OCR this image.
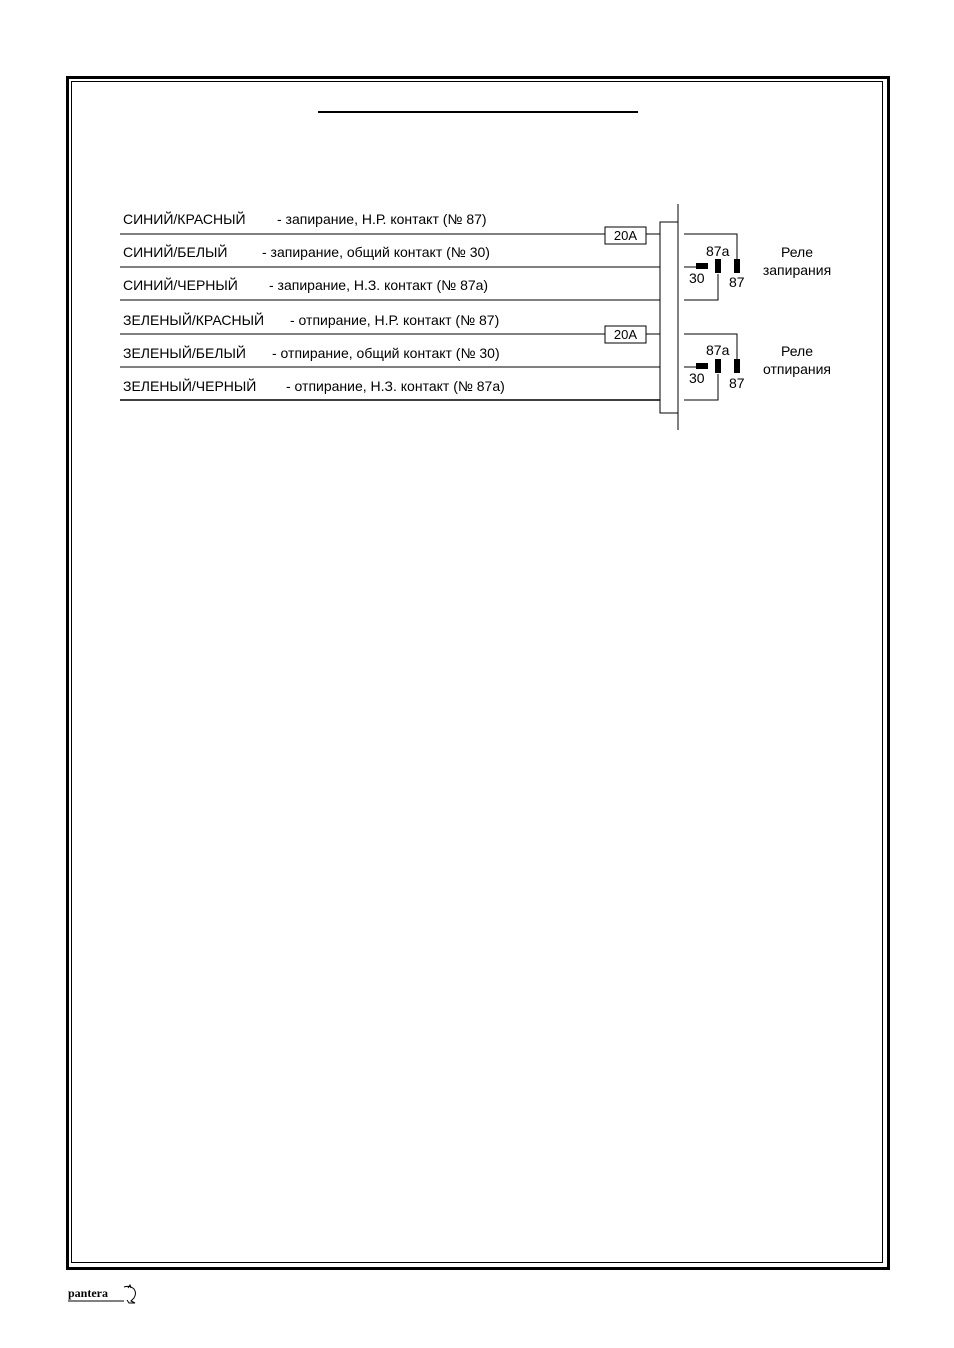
СИНИЙ/КРАСНЫЙ - запирание, Н.Р. контакт (№ 87)
СИНИЙ/БЕЛЫЙ - запирание, общий контакт (№ 30)
СИНИЙ/ЧЕРНЫЙ - запирание, Н.З. контакт (№ 87а)
ЗЕЛЕНЫЙ/КРАСНЫЙ - отпирание, Н.Р. контакт (№ 87)
ЗЕЛЕНЫЙ/БЕЛЫЙ - отпирание, общий контакт (№ 30)
ЗЕЛЕНЫЙ/ЧЕРНЫЙ - отпирание, Н.З. контакт (№ 87а)
20A
20A
87a
30 87
Реле
запирания
87a
30 87
Реле
отпирания
pantera
